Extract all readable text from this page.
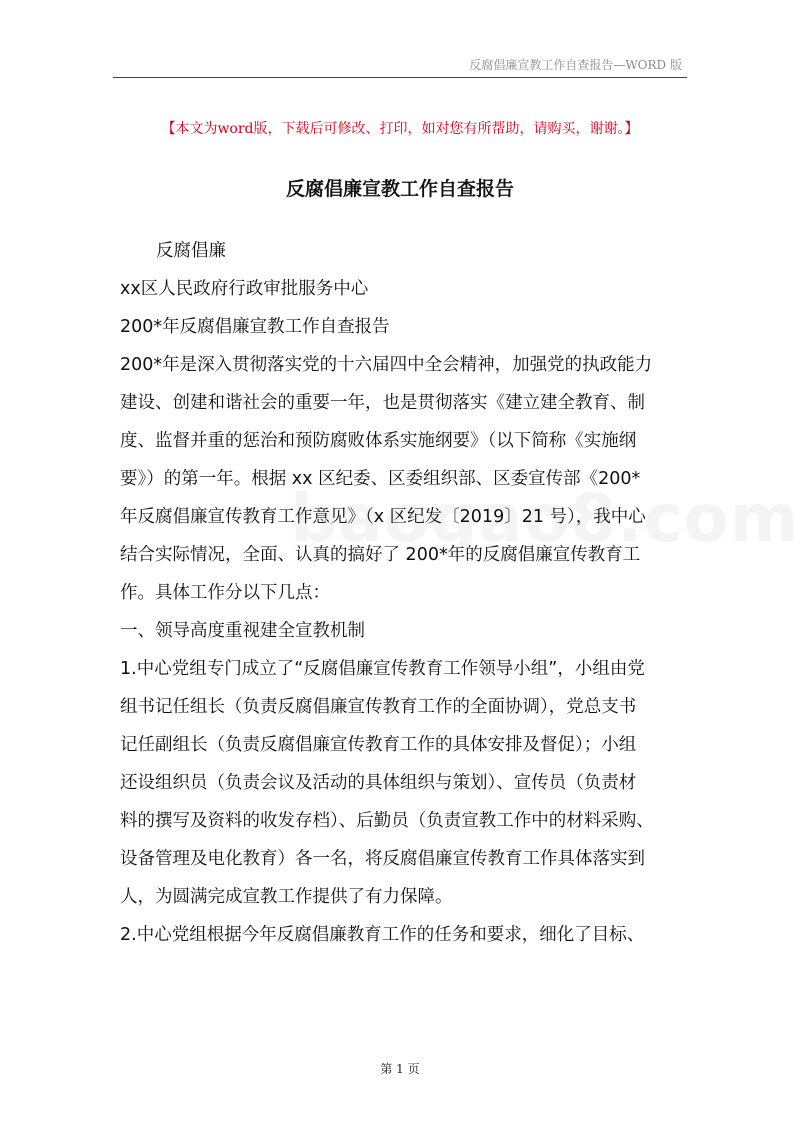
反腐倡廉宣教工作自查报告—WORD 版
【本文为word版，下载后可修改、打印，如对您有所帮助，请购买，谢谢。】
反腐倡廉宣教工作自查报告
反腐倡廉
xx区人民政府行政审批服务中心
200*年反腐倡廉宣教工作自查报告
200*年是深入贯彻落实党的十六届四中全会精神，加强党的执政能力
建设、创建和谐社会的重要一年，也是贯彻落实《建立建全教育、制
度、监督并重的惩治和预防腐败体系实施纲要》（以下简称《实施纲
要》）的第一年。根据 xx 区纪委、区委组织部、区委宣传部《200*
年反腐倡廉宣传教育工作意见》（x 区纪发〔2019〕21 号），我中心
结合实际情况，全面、认真的搞好了 200*年的反腐倡廉宣传教育工
作。具体工作分以下几点：
一、领导高度重视建全宣教机制
1.中心党组专门成立了“反腐倡廉宣传教育工作领导小组”，小组由党
组书记任组长（负责反腐倡廉宣传教育工作的全面协调），党总支书
记任副组长（负责反腐倡廉宣传教育工作的具体安排及督促）；小组
还设组织员（负责会议及活动的具体组织与策划）、宣传员（负责材
料的撰写及资料的收发存档）、后勤员（负责宣教工作中的材料采购、
设备管理及电化教育）各一名，将反腐倡廉宣传教育工作具体落实到
人，为圆满完成宣教工作提供了有力保障。
2.中心党组根据今年反腐倡廉教育工作的任务和要求，细化了目标、
第 1 页
